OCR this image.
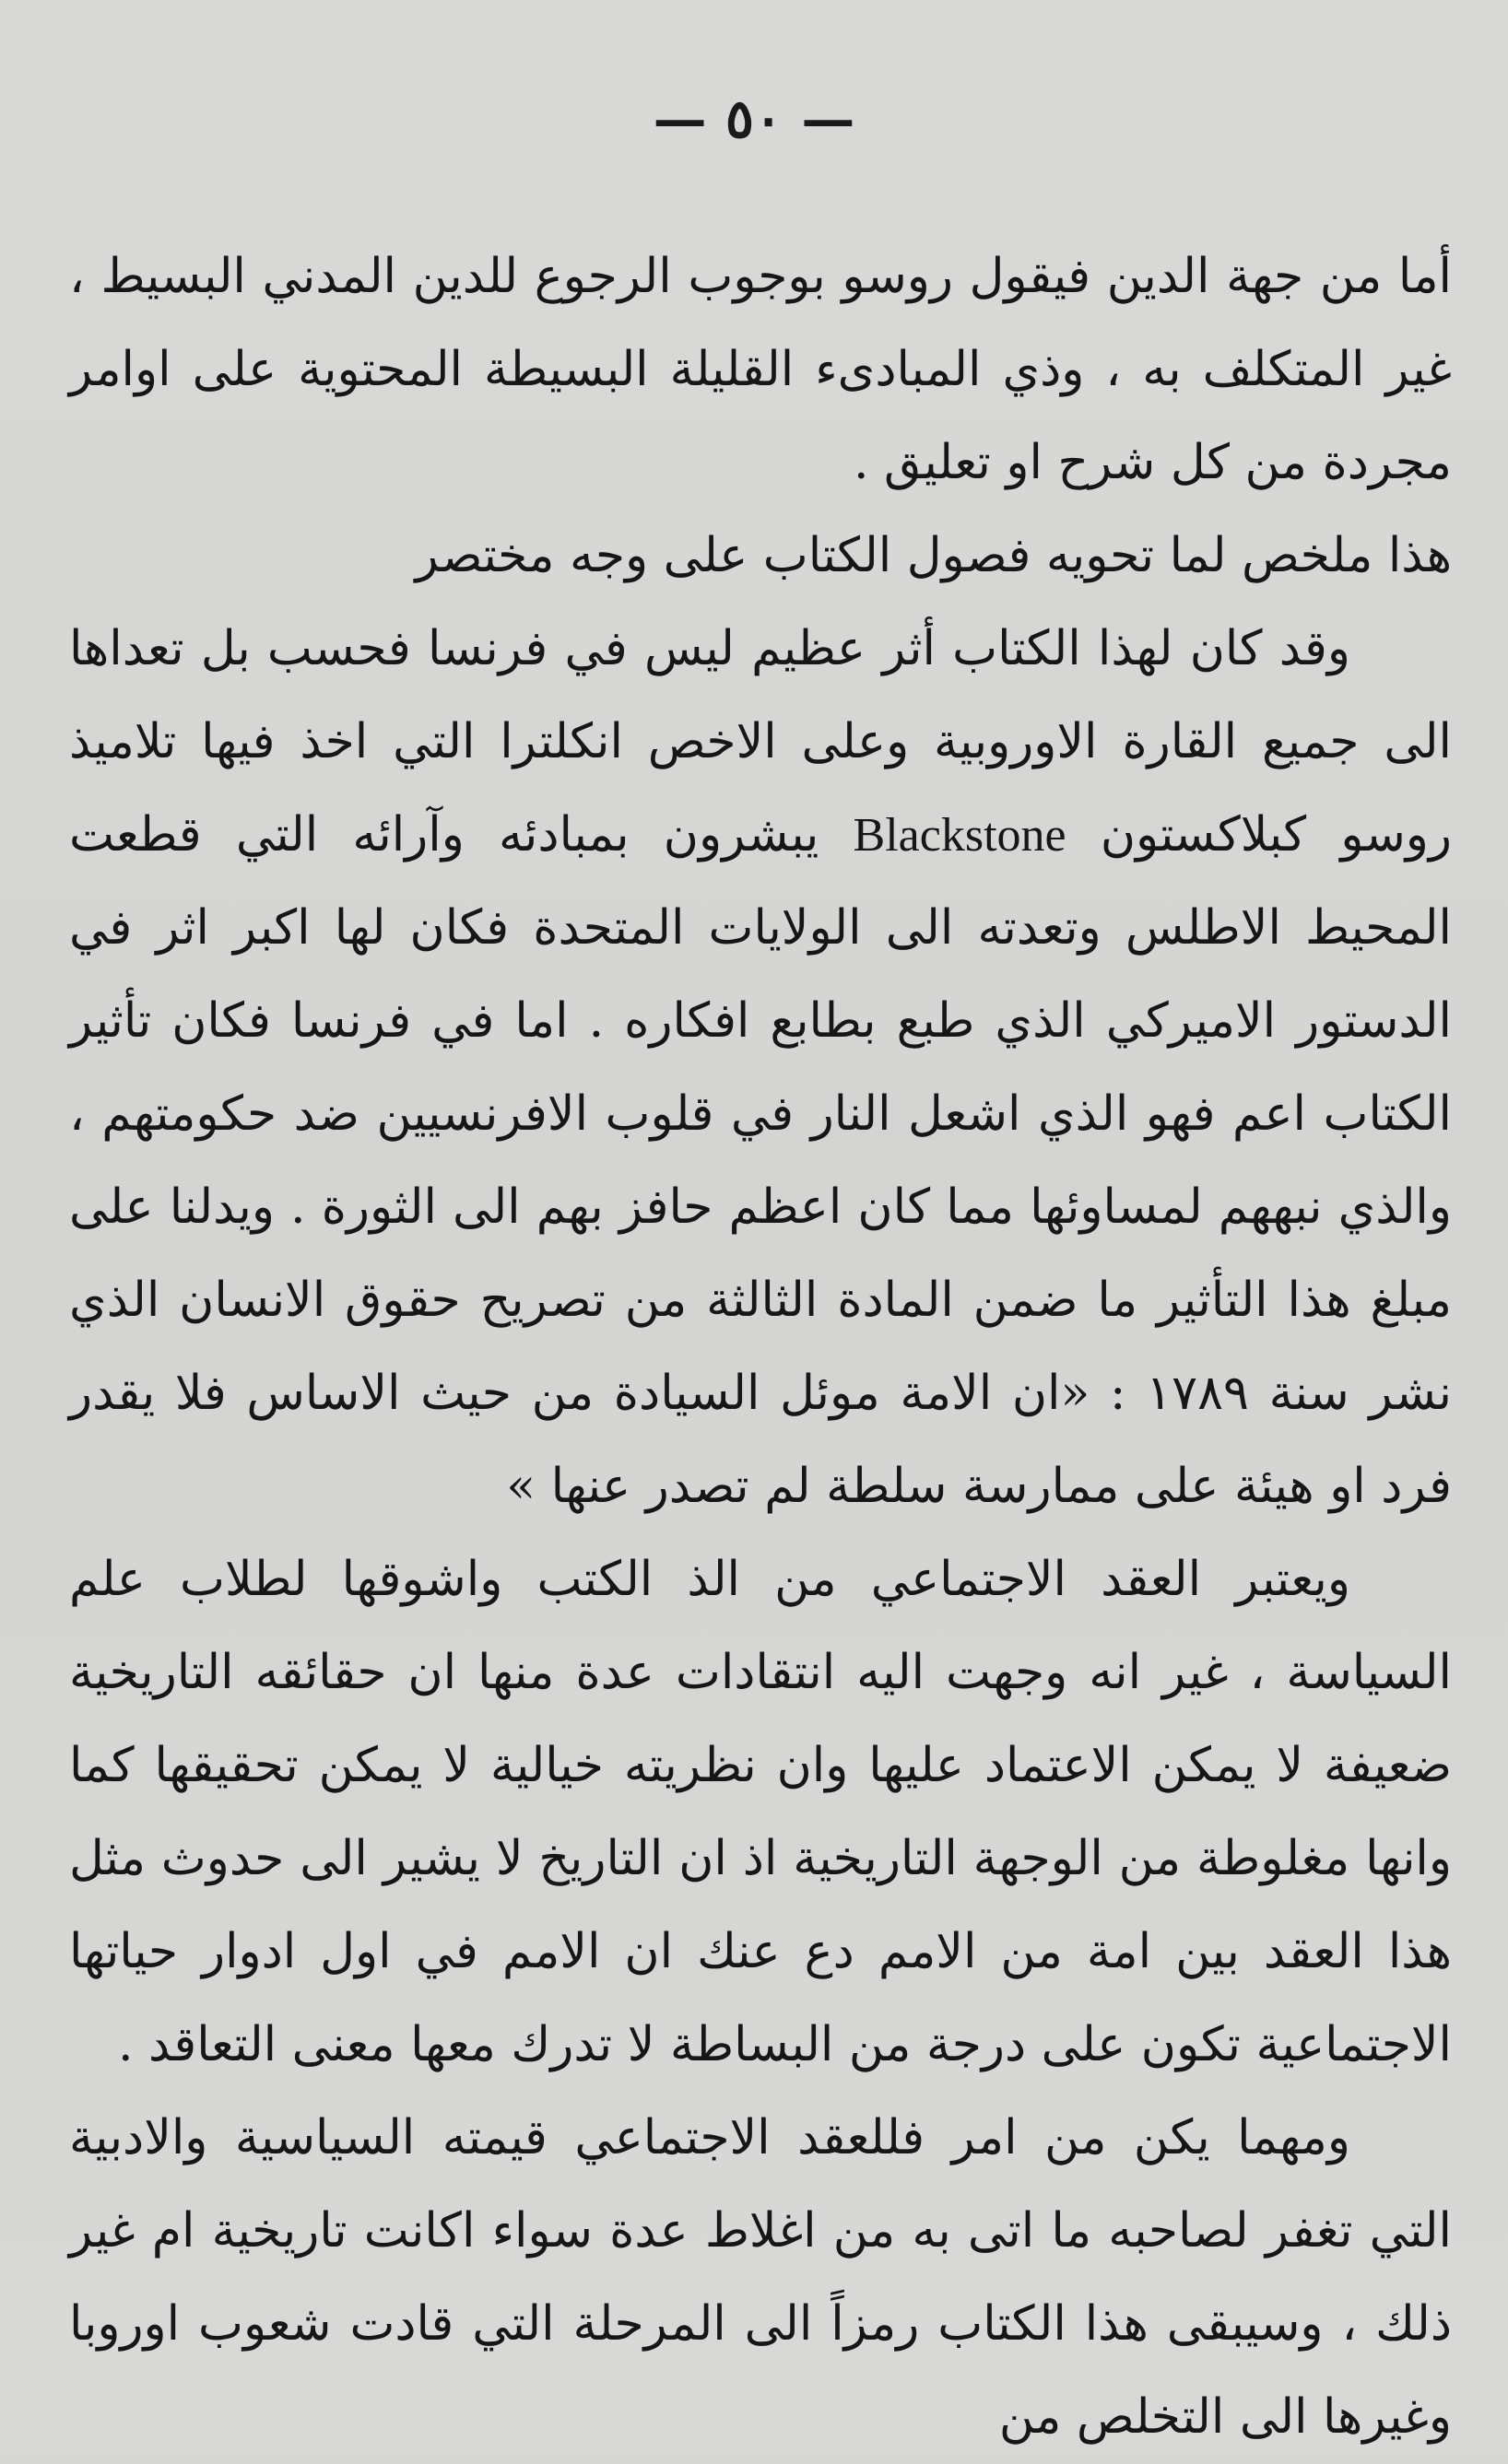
— ٥٠ —

أما من جهة الدين فيقول روسو بوجوب الرجوع للدين المدني البسيط ، غير المتكلف به ، وذي المبادىء القليلة البسيطة المحتوية على اوامر مجردة من كل شرح او تعليق .

هذا ملخص لما تحويه فصول الكتاب على وجه مختصر

وقد كان لهذا الكتاب أثر عظيم ليس في فرنسا فحسب بل تعداها الى جميع القارة الاوروبية وعلى الاخص انكلترا التي اخذ فيها تلاميذ روسو كبلاكستون Blackstone يبشرون بمبادئه وآرائه التي قطعت المحيط الاطلس وتعدته الى الولايات المتحدة فكان لها اكبر اثر في الدستور الاميركي الذي طبع بطابع افكاره . اما في فرنسا فكان تأثير الكتاب اعم فهو الذي اشعل النار في قلوب الافرنسيين ضد حكومتهم ، والذي نبههم لمساوئها مما كان اعظم حافز بهم الى الثورة . ويدلنا على مبلغ هذا التأثير ما ضمن المادة الثالثة من تصريح حقوق الانسان الذي نشر سنة ١٧٨٩ : «ان الامة موئل السيادة من حيث الاساس فلا يقدر فرد او هيئة على ممارسة سلطة لم تصدر عنها »

ويعتبر العقد الاجتماعي من الذ الكتب واشوقها لطلاب علم السياسة ، غير انه وجهت اليه انتقادات عدة منها ان حقائقه التاريخية ضعيفة لا يمكن الاعتماد عليها وان نظريته خيالية لا يمكن تحقيقها كما وانها مغلوطة من الوجهة التاريخية اذ ان التاريخ لا يشير الى حدوث مثل هذا العقد بين امة من الامم دع عنك ان الامم في اول ادوار حياتها الاجتماعية تكون على درجة من البساطة لا تدرك معها معنى التعاقد .

ومهما يكن من امر فللعقد الاجتماعي قيمته السياسية والادبية التي تغفر لصاحبه ما اتى به من اغلاط عدة سواء اكانت تاريخية ام غير ذلك ، وسيبقى هذا الكتاب رمزاً الى المرحلة التي قادت شعوب اوروبا وغيرها الى التخلص من
